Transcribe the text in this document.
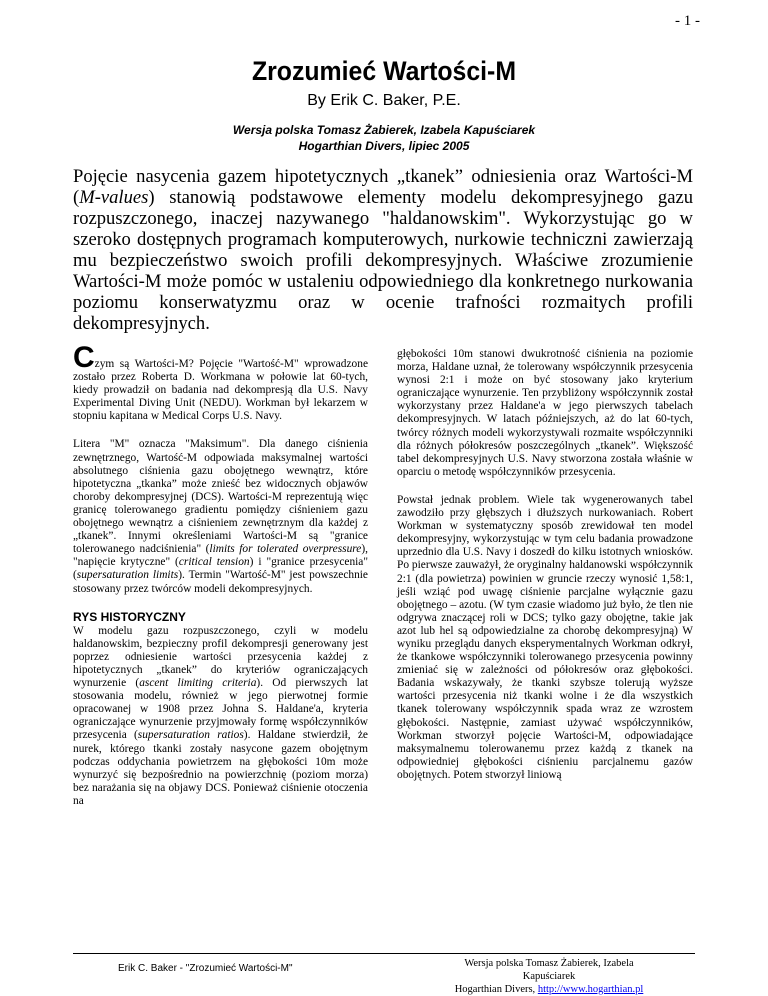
- 1 -
Zrozumieć Wartości-M
By Erik C. Baker, P.E.
Wersja polska Tomasz Żabierek, Izabela Kapuściarek
Hogarthian Divers, lipiec 2005
Pojęcie nasycenia gazem hipotetycznych „tkanek” odniesienia oraz Wartości-M (M-values) stanowią podstawowe elementy modelu dekompresyjnego gazu rozpuszczonego, inaczej nazywanego "haldanowskim". Wykorzystując go w szeroko dostępnych programach komputerowych, nurkowie techniczni zawierzają mu bezpieczeństwo swoich profili dekompresyjnych. Właściwe zrozumienie Wartości-M może pomóc w ustaleniu odpowiedniego dla konkretnego nurkowania poziomu konserwatyzmu oraz w ocenie trafności rozmaitych profili dekompresyjnych.

Czym są Wartości-M? Pojęcie "Wartość-M" wprowadzone zostało przez Roberta D. Workmana w połowie lat 60-tych, kiedy prowadził on badania nad dekompresją dla U.S. Navy Experimental Diving Unit (NEDU). Workman był lekarzem w stopniu kapitana w Medical Corps U.S. Navy.

Litera "M" oznacza "Maksimum". Dla danego ciśnienia zewnętrznego, Wartość-M odpowiada maksymalnej wartości absolutnego ciśnienia gazu obojętnego wewnątrz, które hipotetyczna „tkanka” może znieść bez widocznych objawów choroby dekompresyjnej (DCS). Wartości-M reprezentują więc granicę tolerowanego gradientu pomiędzy ciśnieniem gazu obojętnego wewnątrz a ciśnieniem zewnętrznym dla każdej z „tkanek”. Innymi określeniami Wartości-M są "granice tolerowanego nadciśnienia" (limits for tolerated overpressure), "napięcie krytyczne" (critical tension) i "granice przesycenia" (supersaturation limits). Termin "Wartość-M" jest powszechnie stosowany przez twórców modeli dekompresyjnych.

RYS HISTORYCZNY

W modelu gazu rozpuszczonego, czyli w modelu haldanowskim, bezpieczny profil dekompresji generowany jest poprzez odniesienie wartości przesycenia każdej z hipotetycznych „tkanek” do kryteriów ograniczających wynurzenie (ascent limiting criteria). Od pierwszych lat stosowania modelu, również w jego pierwotnej formie opracowanej w 1908 przez Johna S. Haldane'a, kryteria ograniczające wynurzenie przyjmowały formę współczynników przesycenia (supersaturation ratios). Haldane stwierdził, że nurek, którego tkanki zostały nasycone gazem obojętnym podczas oddychania powietrzem na głębokości 10m może wynurzyć się bezpośrednio na powierzchnię (poziom morza) bez narażania się na objawy DCS. Ponieważ ciśnienie otoczenia na

głębokości 10m stanowi dwukrotność ciśnienia na poziomie morza, Haldane uznał, że tolerowany współczynnik przesycenia wynosi 2:1 i może on być stosowany jako kryterium ograniczające wynurzenie. Ten przybliżony współczynnik został wykorzystany przez Haldane'a w jego pierwszych tabelach dekompresyjnych. W latach późniejszych, aż do lat 60-tych, twórcy różnych modeli wykorzystywali rozmaite współczynniki dla różnych półokresów poszczególnych „tkanek”. Większość tabel dekompresyjnych U.S. Navy stworzona została właśnie w oparciu o metodę współczynników przesycenia.

Powstał jednak problem. Wiele tak wygenerowanych tabel zawodziło przy głębszych i dłuższych nurkowaniach. Robert Workman w systematyczny sposób zrewidował ten model dekompresyjny, wykorzystując w tym celu badania prowadzone uprzednio dla U.S. Navy i doszedł do kilku istotnych wniosków. Po pierwsze zauważył, że oryginalny haldanowski współczynnik 2:1 (dla powietrza) powinien w gruncie rzeczy wynosić 1,58:1, jeśli wziąć pod uwagę ciśnienie parcjalne wyłącznie gazu obojętnego – azotu. (W tym czasie wiadomo już było, że tlen nie odgrywa znaczącej roli w DCS; tylko gazy obojętne, takie jak azot lub hel są odpowiedzialne za chorobę dekompresyjną) W wyniku przeglądu danych eksperymentalnych Workman odkrył, że tkankowe współczynniki tolerowanego przesycenia powinny zmieniać się w zależności od półokresów oraz głębokości. Badania wskazywały, że tkanki szybsze tolerują wyższe wartości przesycenia niż tkanki wolne i że dla wszystkich tkanek tolerowany współczynnik spada wraz ze wzrostem głębokości. Następnie, zamiast używać współczynników, Workman stworzył pojęcie Wartości-M, odpowiadające maksymalnemu tolerowanemu przez każdą z tkanek na odpowiedniej głębokości ciśnieniu parcjalnemu gazów obojętnych. Potem stworzył liniową

Erik C. Baker - "Zrozumieć Wartości-M"	Wersja polska Tomasz Żabierek, Izabela Kapuściarek
Hogarthian Divers, http://www.hogarthian.pl
